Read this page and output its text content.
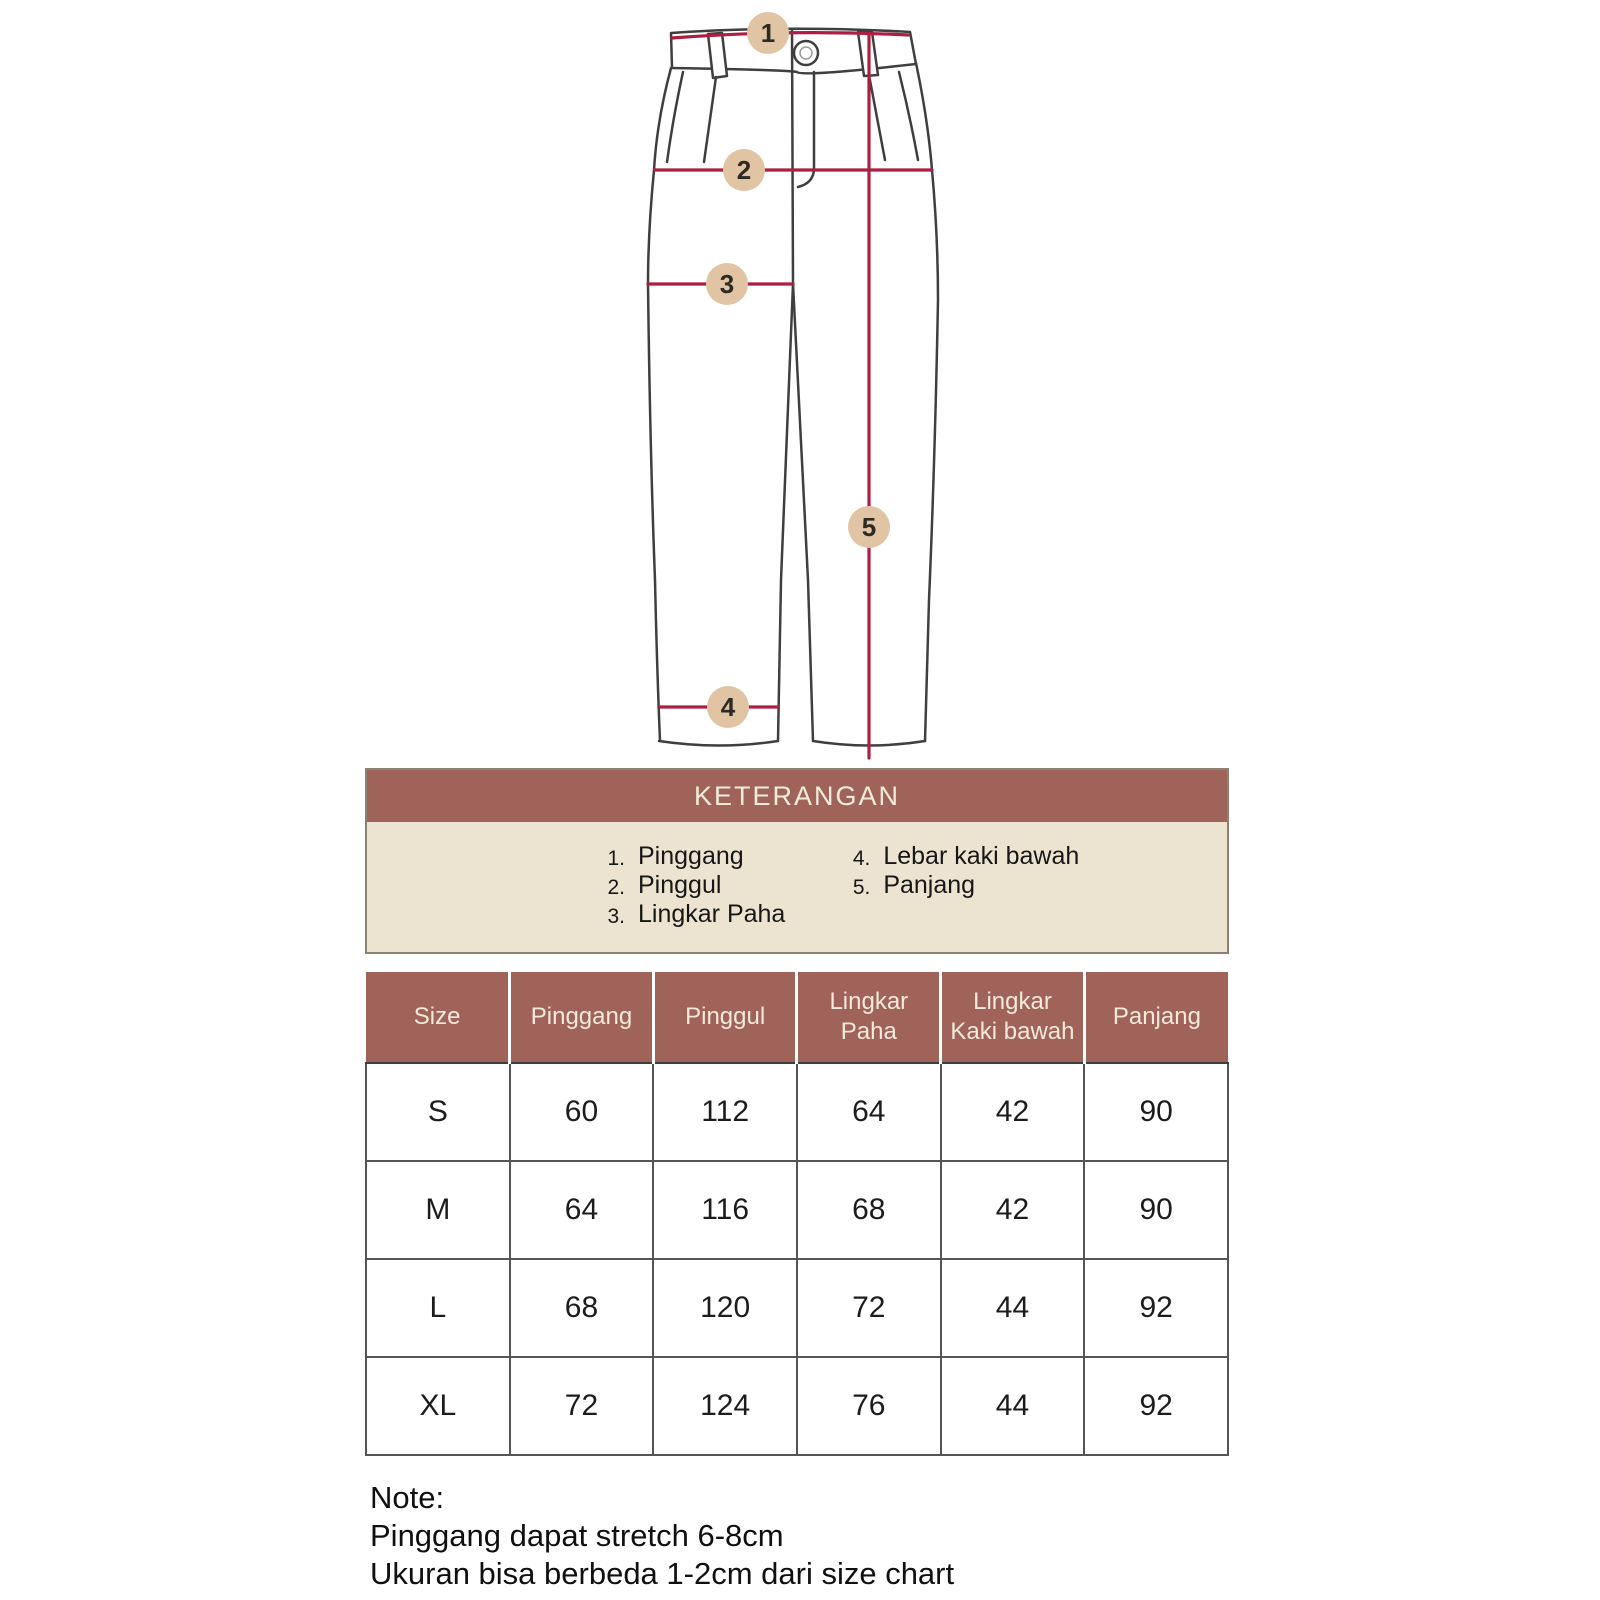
1
2
3
4
5
KETERANGAN
1. Pinggang
2. Pinggul
3. Lingkar Paha
4. Lebar kaki bawah
5. Panjang
Size	Pinggang	Pinggul	Lingkar Paha	Lingkar Kaki bawah	Panjang
S	60	112	64	42	90
M	64	116	68	42	90
L	68	120	72	44	92
XL	72	124	76	44	92
Note:
Pinggang dapat stretch 6-8cm
Ukuran bisa berbeda 1-2cm dari size chart
